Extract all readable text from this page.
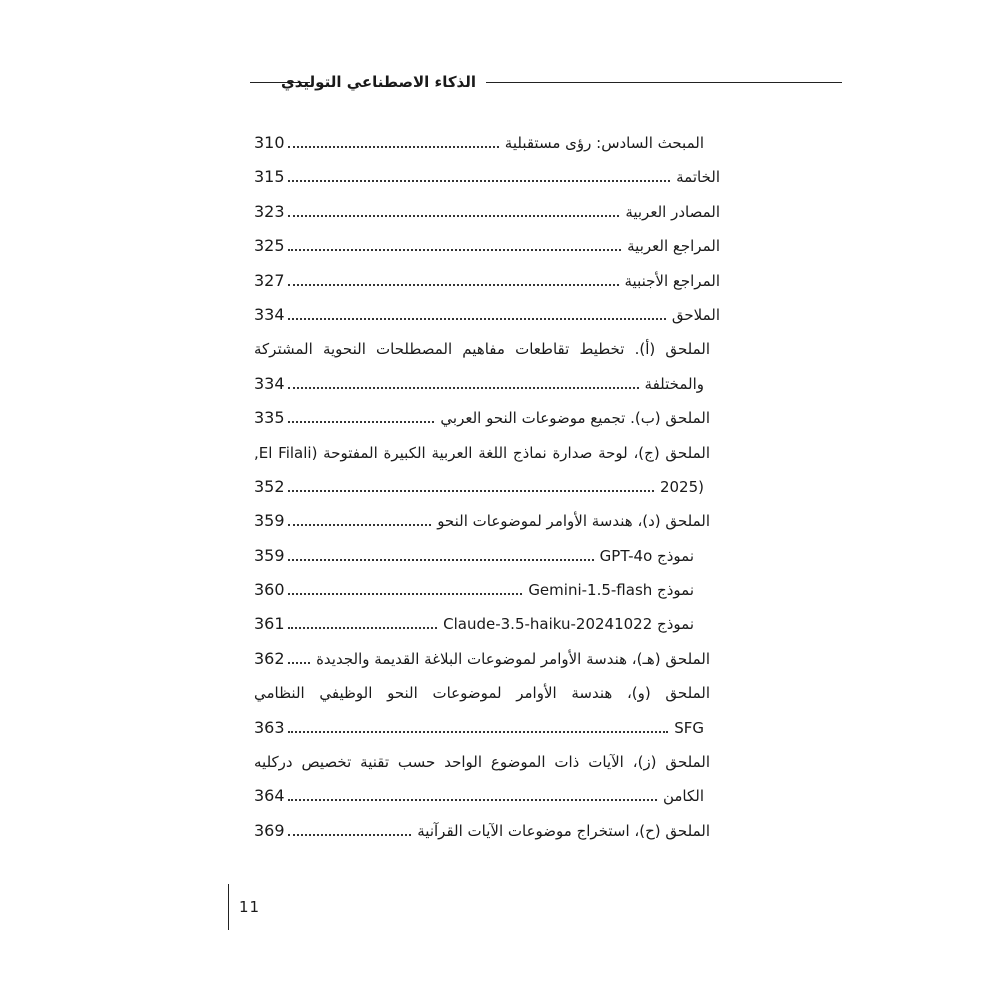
الذكاء الاصطناعي التوليدي
المبحث السادس: رؤى مستقبلية
310
الخاتمة
315
المصادر العربية
323
المراجع العربية
325
المراجع الأجنبية
327
الملاحق
334
الملحق (أ). تخطيط تقاطعات مفاهيم المصطلحات النحوية المشتركة
والمختلفة
334
الملحق (ب). تجميع موضوعات النحو العربي
335
الملحق (ج)، لوحة صدارة نماذج اللغة العربية الكبيرة المفتوحة (El Filali,
2025)
352
الملحق (د)، هندسة الأوامر لموضوعات النحو
359
نموذج GPT-4o
359
نموذج Gemini-1.5-flash
360
نموذج Claude-3.5-haiku-20241022
361
الملحق (هـ)، هندسة الأوامر لموضوعات البلاغة القديمة والجديدة
362
الملحق (و)، هندسة الأوامر لموضوعات النحو الوظيفي النظامي
SFG
363
الملحق (ز)، الآيات ذات الموضوع الواحد حسب تقنية تخصيص دركليه
الكامن
364
الملحق (ح)، استخراج موضوعات الآيات القرآنية
369
11
